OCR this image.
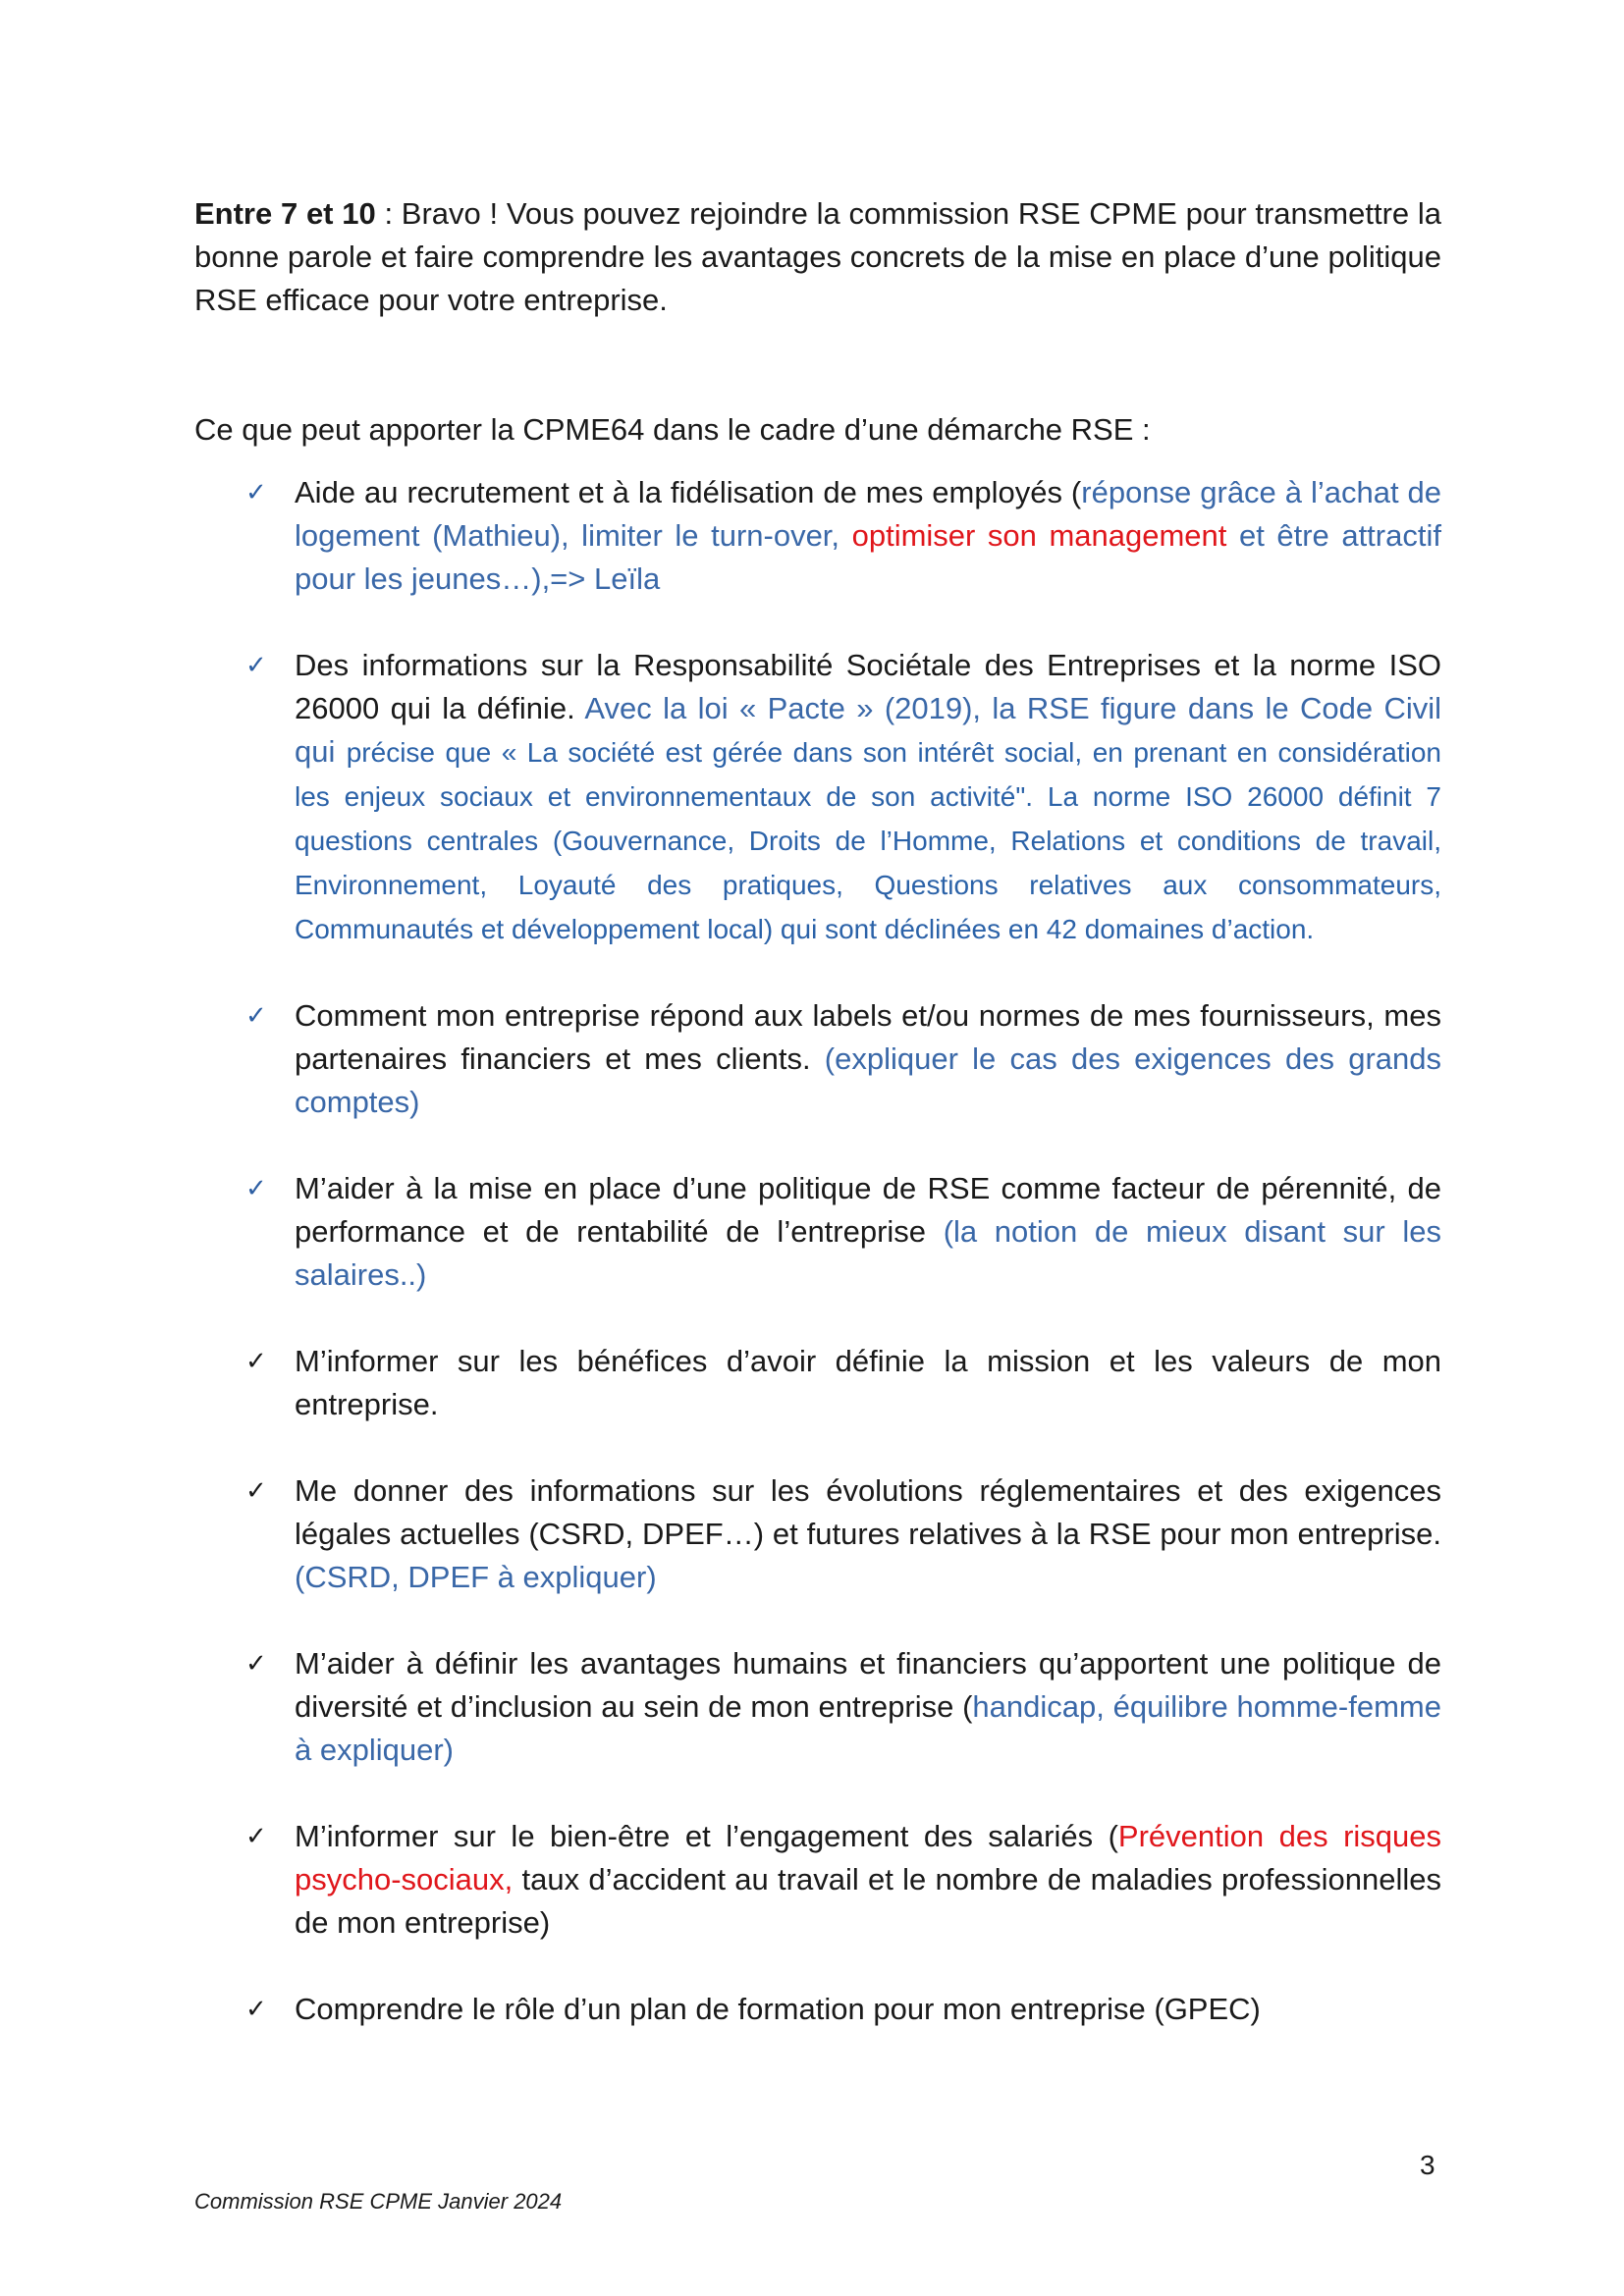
Entre 7 et 10 : Bravo ! Vous pouvez rejoindre la commission RSE CPME pour transmettre la bonne parole et faire comprendre les avantages concrets de la mise en place d’une politique RSE efficace pour votre entreprise.

Ce que peut apporter la CPME64 dans le cadre d’une démarche RSE :

✓ Aide au recrutement et à la fidélisation de mes employés (réponse grâce à l’achat de logement (Mathieu), limiter le turn-over, optimiser son management et être attractif pour les jeunes…),=> Leïla
✓ Des informations sur la Responsabilité Sociétale des Entreprises et la norme ISO 26000 qui la définie. Avec la loi « Pacte » (2019), la RSE figure dans le Code Civil qui précise que « La société est gérée dans son intérêt social, en prenant en considération les enjeux sociaux et environnementaux de son activité". La norme ISO 26000 définit 7 questions centrales (Gouvernance, Droits de l’Homme, Relations et conditions de travail, Environnement, Loyauté des pratiques, Questions relatives aux consommateurs, Communautés et développement local) qui sont déclinées en 42 domaines d’action.
✓ Comment mon entreprise répond aux labels et/ou normes de mes fournisseurs, mes partenaires financiers et mes clients. (expliquer le cas des exigences des grands comptes)
✓ M’aider à la mise en place d’une politique de RSE comme facteur de pérennité, de performance et de rentabilité de l’entreprise (la notion de mieux disant sur les salaires..)
✓ M’informer sur les bénéfices d’avoir définie la mission et les valeurs de mon entreprise.
✓ Me donner des informations sur les évolutions réglementaires et des exigences légales actuelles (CSRD, DPEF…) et futures relatives à la RSE pour mon entreprise. (CSRD, DPEF à expliquer)
✓ M’aider à définir les avantages humains et financiers qu’apportent une politique de diversité et d’inclusion au sein de mon entreprise (handicap, équilibre homme-femme à expliquer)
✓ M’informer sur le bien-être et l’engagement des salariés (Prévention des risques psycho-sociaux, taux d’accident au travail et le nombre de maladies professionnelles de mon entreprise)
✓ Comprendre le rôle d’un plan de formation pour mon entreprise (GPEC)
3
Commission RSE CPME Janvier 2024
